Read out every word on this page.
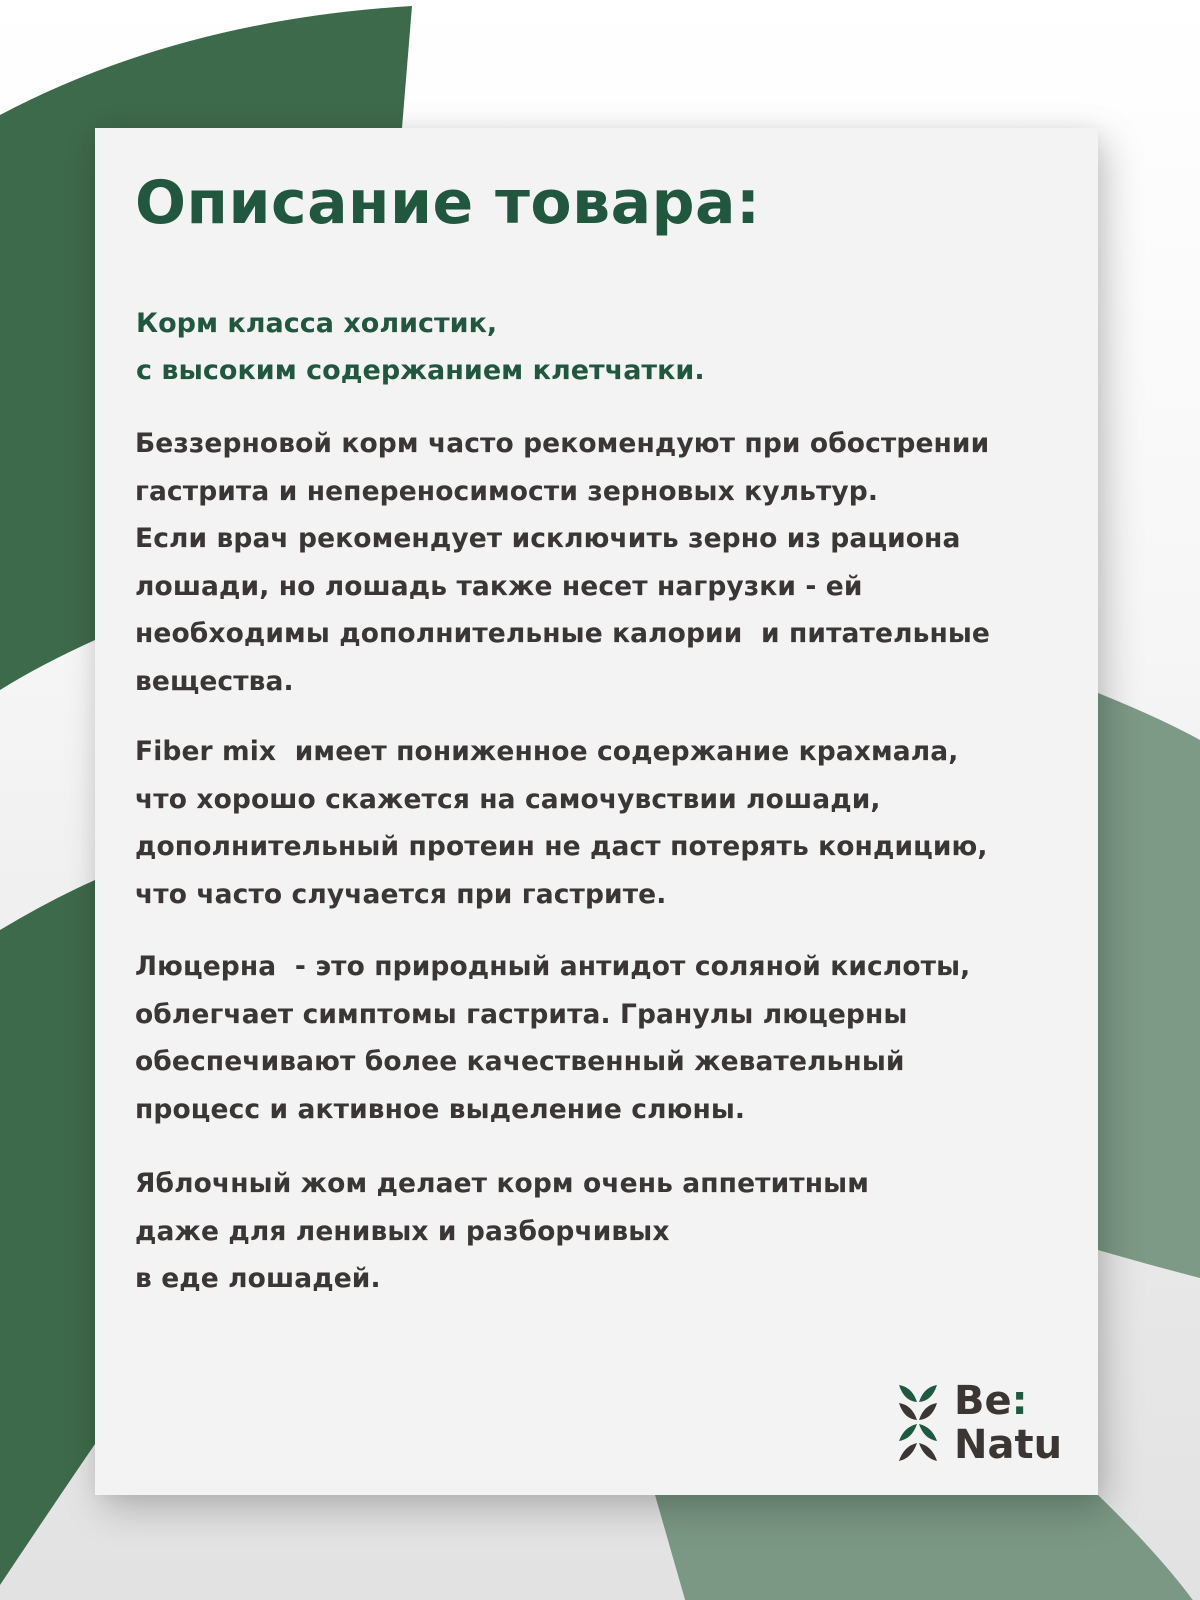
Описание товара:
Корм класса холистик,
с высоким содержанием клетчатки.
Беззерновой корм часто рекомендуют при обострении
гастрита и непереносимости зерновых культур.
Если врач рекомендует исключить зерно из рациона
лошади, но лошадь также несет нагрузки - ей
необходимы дополнительные калории  и питательные
вещества.
Fiber mix  имеет пониженное содержание крахмала,
что хорошо скажется на самочувствии лошади,
дополнительный протеин не даст потерять кондицию,
что часто случается при гастрите.
Люцерна  - это природный антидот соляной кислоты,
облегчает симптомы гастрита. Гранулы люцерны
обеспечивают более качественный жевательный
процесс и активное выделение слюны.
Яблочный жом делает корм очень аппетитным
даже для ленивых и разборчивых
в еде лошадей.
Be:
Natu
